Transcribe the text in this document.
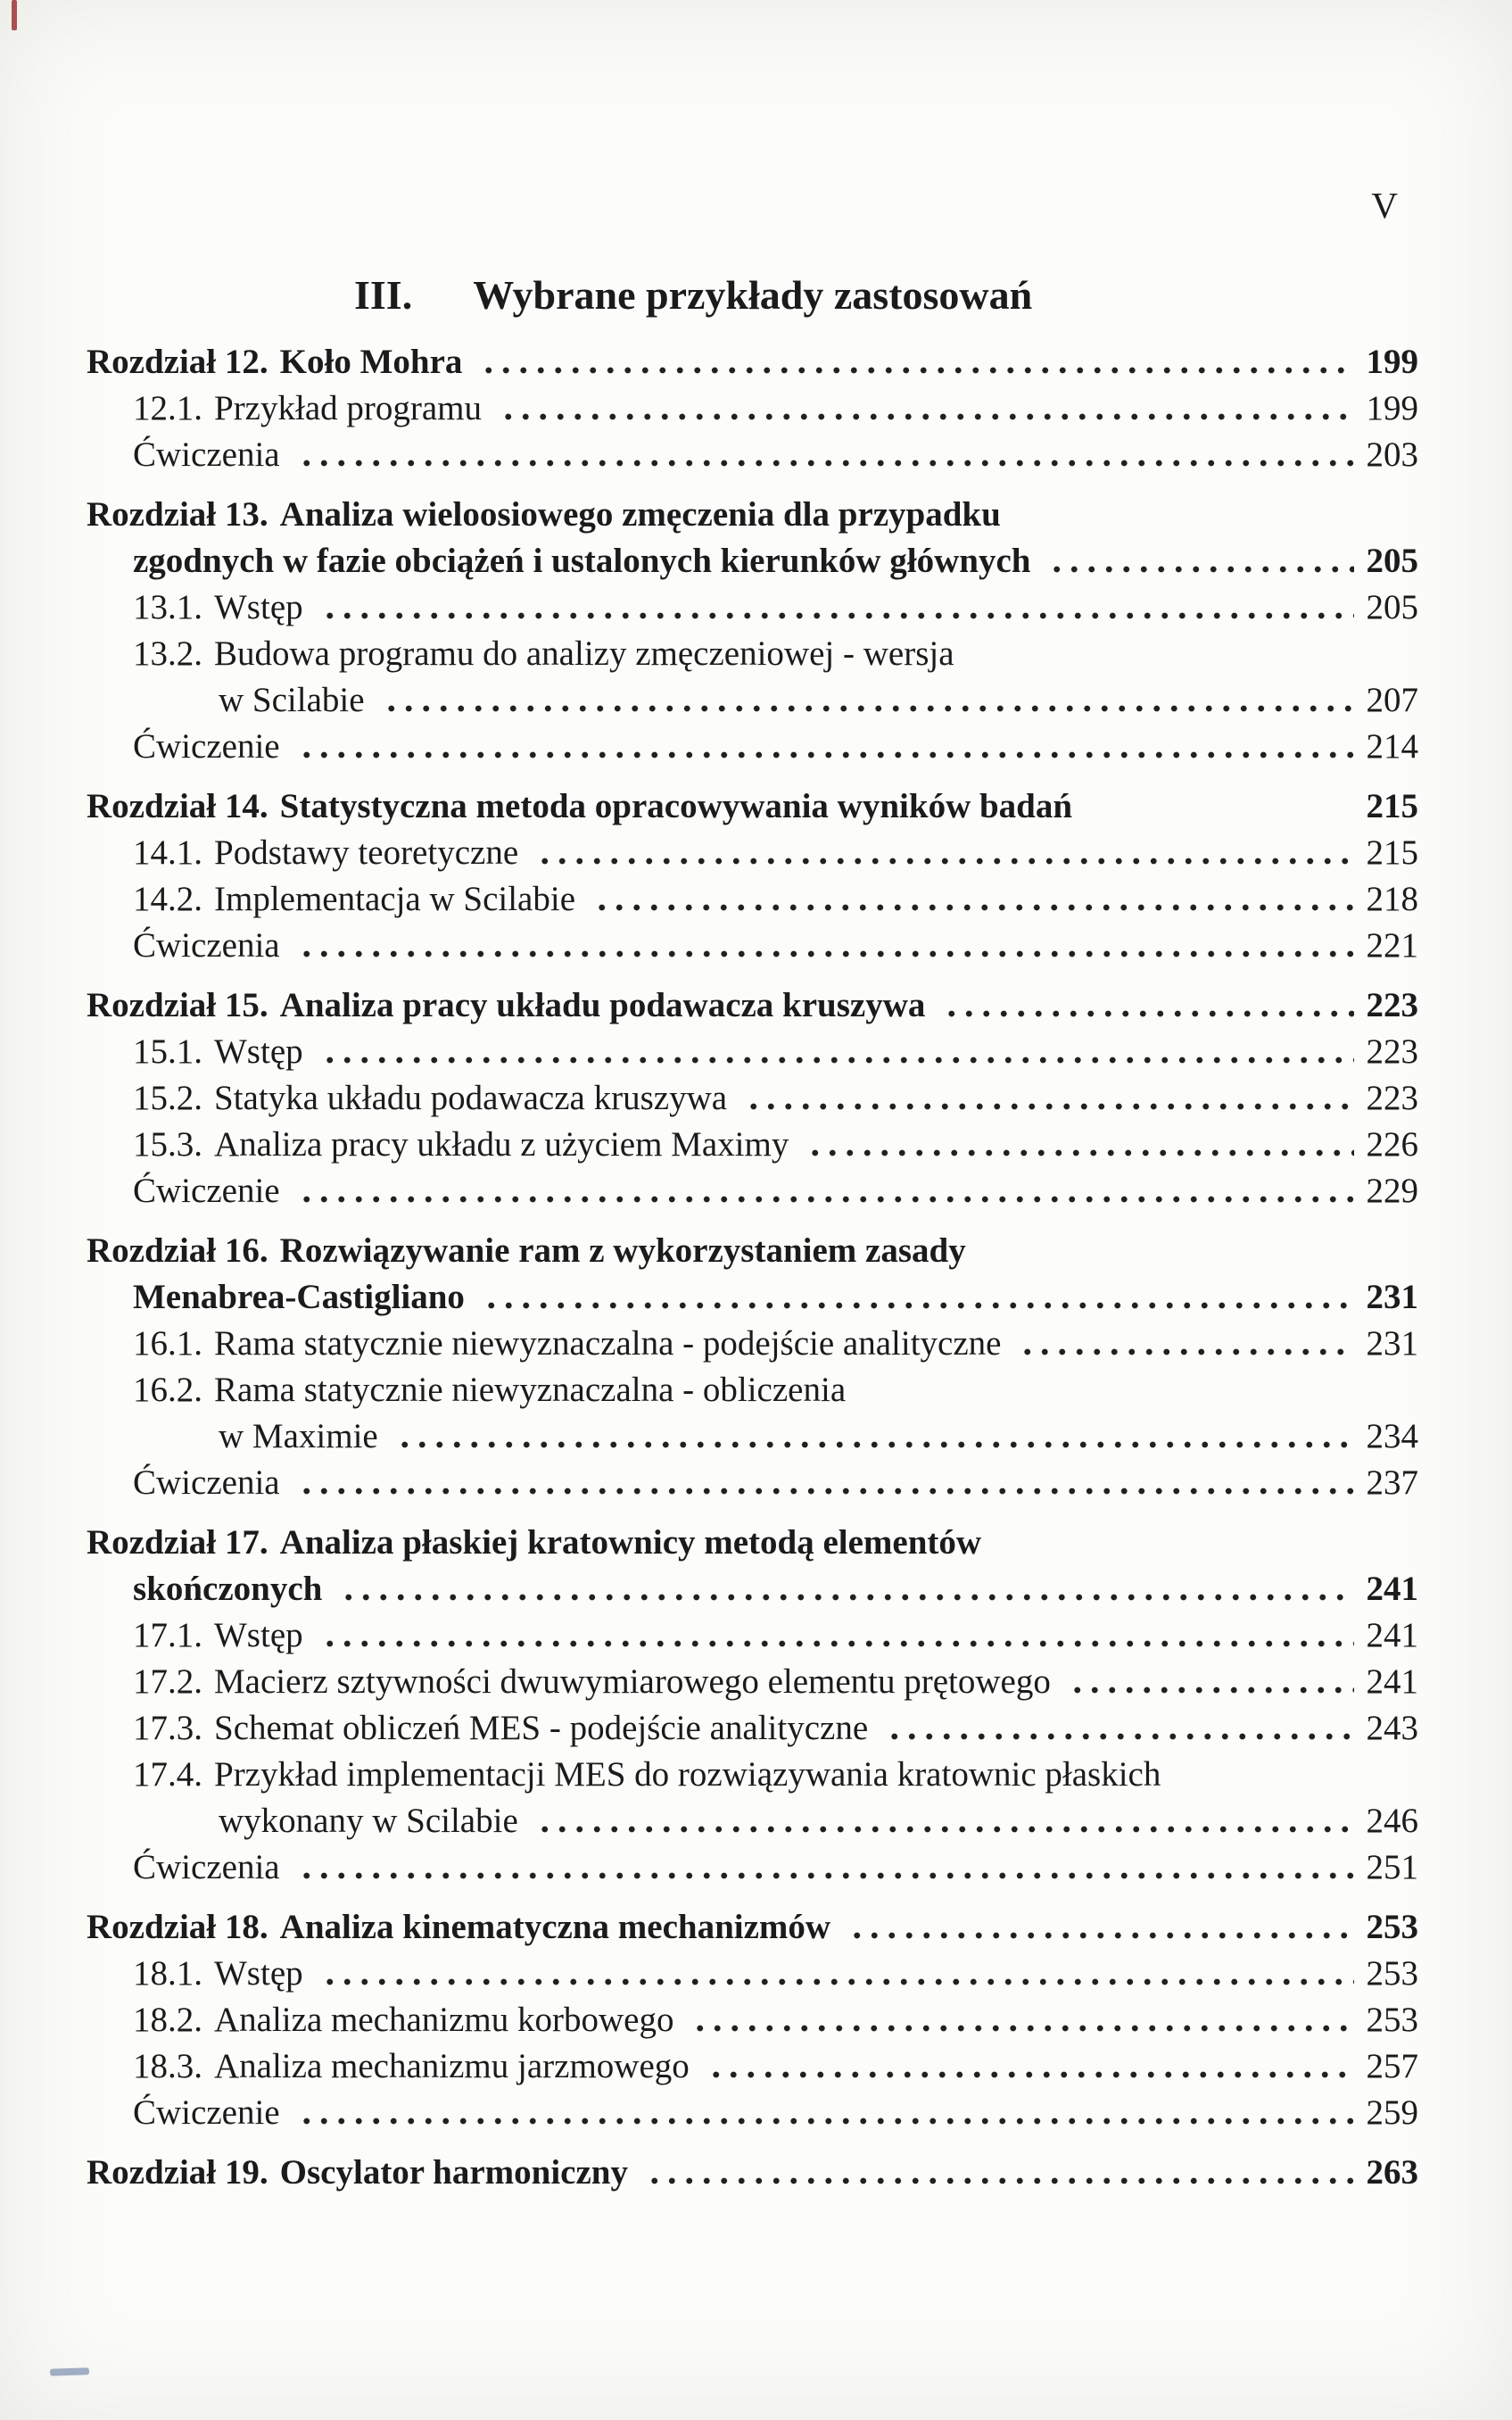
V
III. Wybrane przykłady zastosowań
Rozdział 12. Koło Mohra	199
12.1. Przykład programu	199
Ćwiczenia	203
Rozdział 13. Analiza wieloosiowego zmęczenia dla przypadku
zgodnych w fazie obciążeń i ustalonych kierunków głównych	205
13.1. Wstęp	205
13.2. Budowa programu do analizy zmęczeniowej - wersja
w Scilabie	207
Ćwiczenie	214
Rozdział 14. Statystyczna metoda opracowywania wyników badań	215
14.1. Podstawy teoretyczne	215
14.2. Implementacja w Scilabie	218
Ćwiczenia	221
Rozdział 15. Analiza pracy układu podawacza kruszywa	223
15.1. Wstęp	223
15.2. Statyka układu podawacza kruszywa	223
15.3. Analiza pracy układu z użyciem Maximy	226
Ćwiczenie	229
Rozdział 16. Rozwiązywanie ram z wykorzystaniem zasady
Menabrea-Castigliano	231
16.1. Rama statycznie niewyznaczalna - podejście analityczne	231
16.2. Rama statycznie niewyznaczalna - obliczenia
w Maximie	234
Ćwiczenia	237
Rozdział 17. Analiza płaskiej kratownicy metodą elementów
skończonych	241
17.1. Wstęp	241
17.2. Macierz sztywności dwuwymiarowego elementu prętowego	241
17.3. Schemat obliczeń MES - podejście analityczne	243
17.4. Przykład implementacji MES do rozwiązywania kratownic płaskich
wykonany w Scilabie	246
Ćwiczenia	251
Rozdział 18. Analiza kinematyczna mechanizmów	253
18.1. Wstęp	253
18.2. Analiza mechanizmu korbowego	253
18.3. Analiza mechanizmu jarzmowego	257
Ćwiczenie	259
Rozdział 19. Oscylator harmoniczny	263
